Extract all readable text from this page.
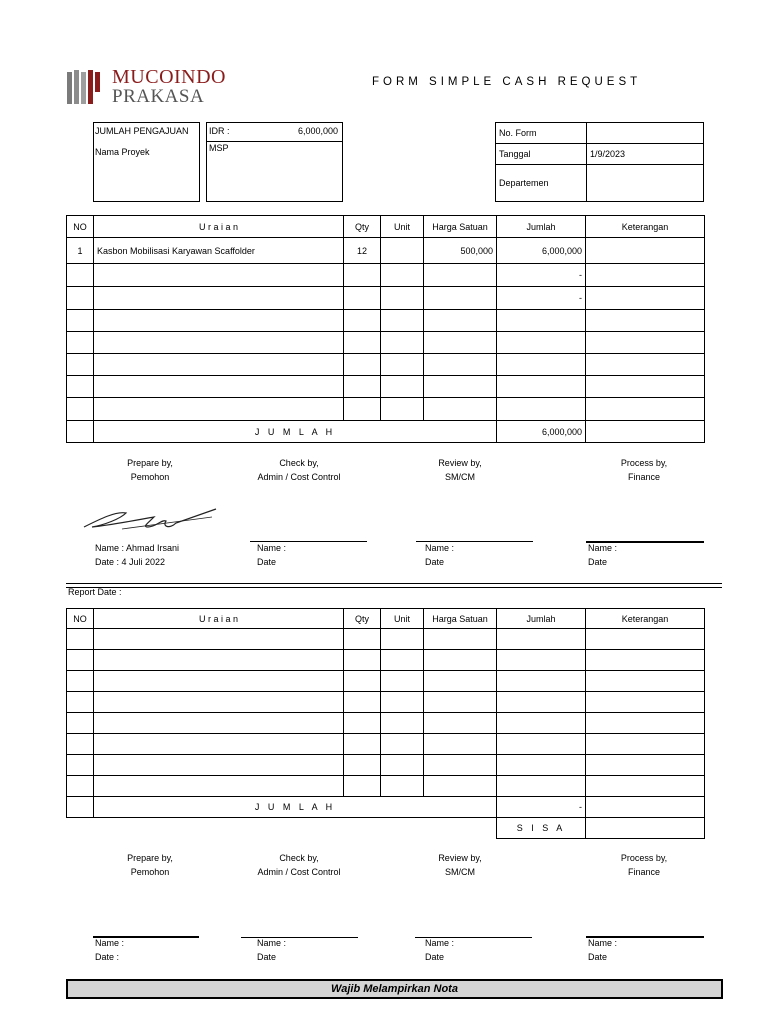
MUCOINDO
PRAKASA
FORM SIMPLE CASH REQUEST
JUMLAH PENGAJUAN
Nama Proyek
IDR :	6,000,000
MSP
No. Form	
Tanggal	1/9/2023
Departemen	
NO	U r a i a n	Qty	Unit	Harga Satuan	Jumlah	Keterangan
1	Kasbon Mobilisasi Karyawan Scaffolder	12		500,000	6,000,000	
					-	
					-	

	J U M L A H				6,000,000	
Prepare by,
Pemohon
Check by,
Admin / Cost Control
Review by,
SM/CM
Process by,
Finance
Name : Ahmad Irsani
Date : 4 Juli 2022
Name :
Date
Name :
Date
Name :
Date
Report Date :
NO	U r a i a n	Qty	Unit	Harga Satuan	Jumlah	Keterangan

	J U M L A H				-	
S I S A	
Prepare by,
Pemohon
Check by,
Admin / Cost Control
Review by,
SM/CM
Process by,
Finance
Name :
Date :
Name :
Date
Name :
Date
Name :
Date
Wajib Melampirkan Nota
